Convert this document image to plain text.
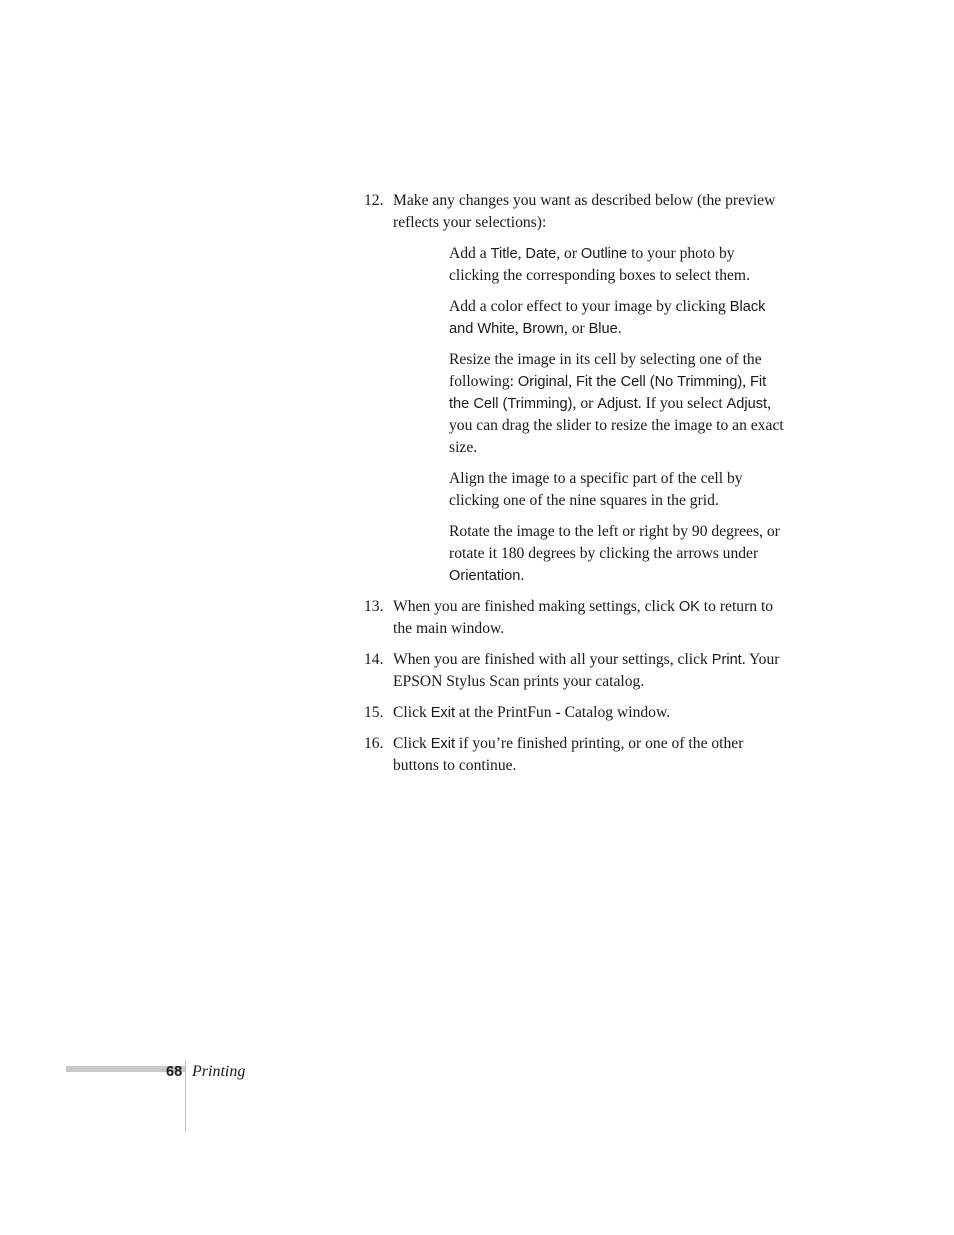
12. Make any changes you want as described below (the preview reflects your selections):
Add a Title, Date, or Outline to your photo by clicking the corresponding boxes to select them.
Add a color effect to your image by clicking Black and White, Brown, or Blue.
Resize the image in its cell by selecting one of the following: Original, Fit the Cell (No Trimming), Fit the Cell (Trimming), or Adjust. If you select Adjust, you can drag the slider to resize the image to an exact size.
Align the image to a specific part of the cell by clicking one of the nine squares in the grid.
Rotate the image to the left or right by 90 degrees, or rotate it 180 degrees by clicking the arrows under Orientation.
13. When you are finished making settings, click OK to return to the main window.
14. When you are finished with all your settings, click Print. Your EPSON Stylus Scan prints your catalog.
15. Click Exit at the PrintFun - Catalog window.
16. Click Exit if you’re finished printing, or one of the other buttons to continue.
68 Printing
